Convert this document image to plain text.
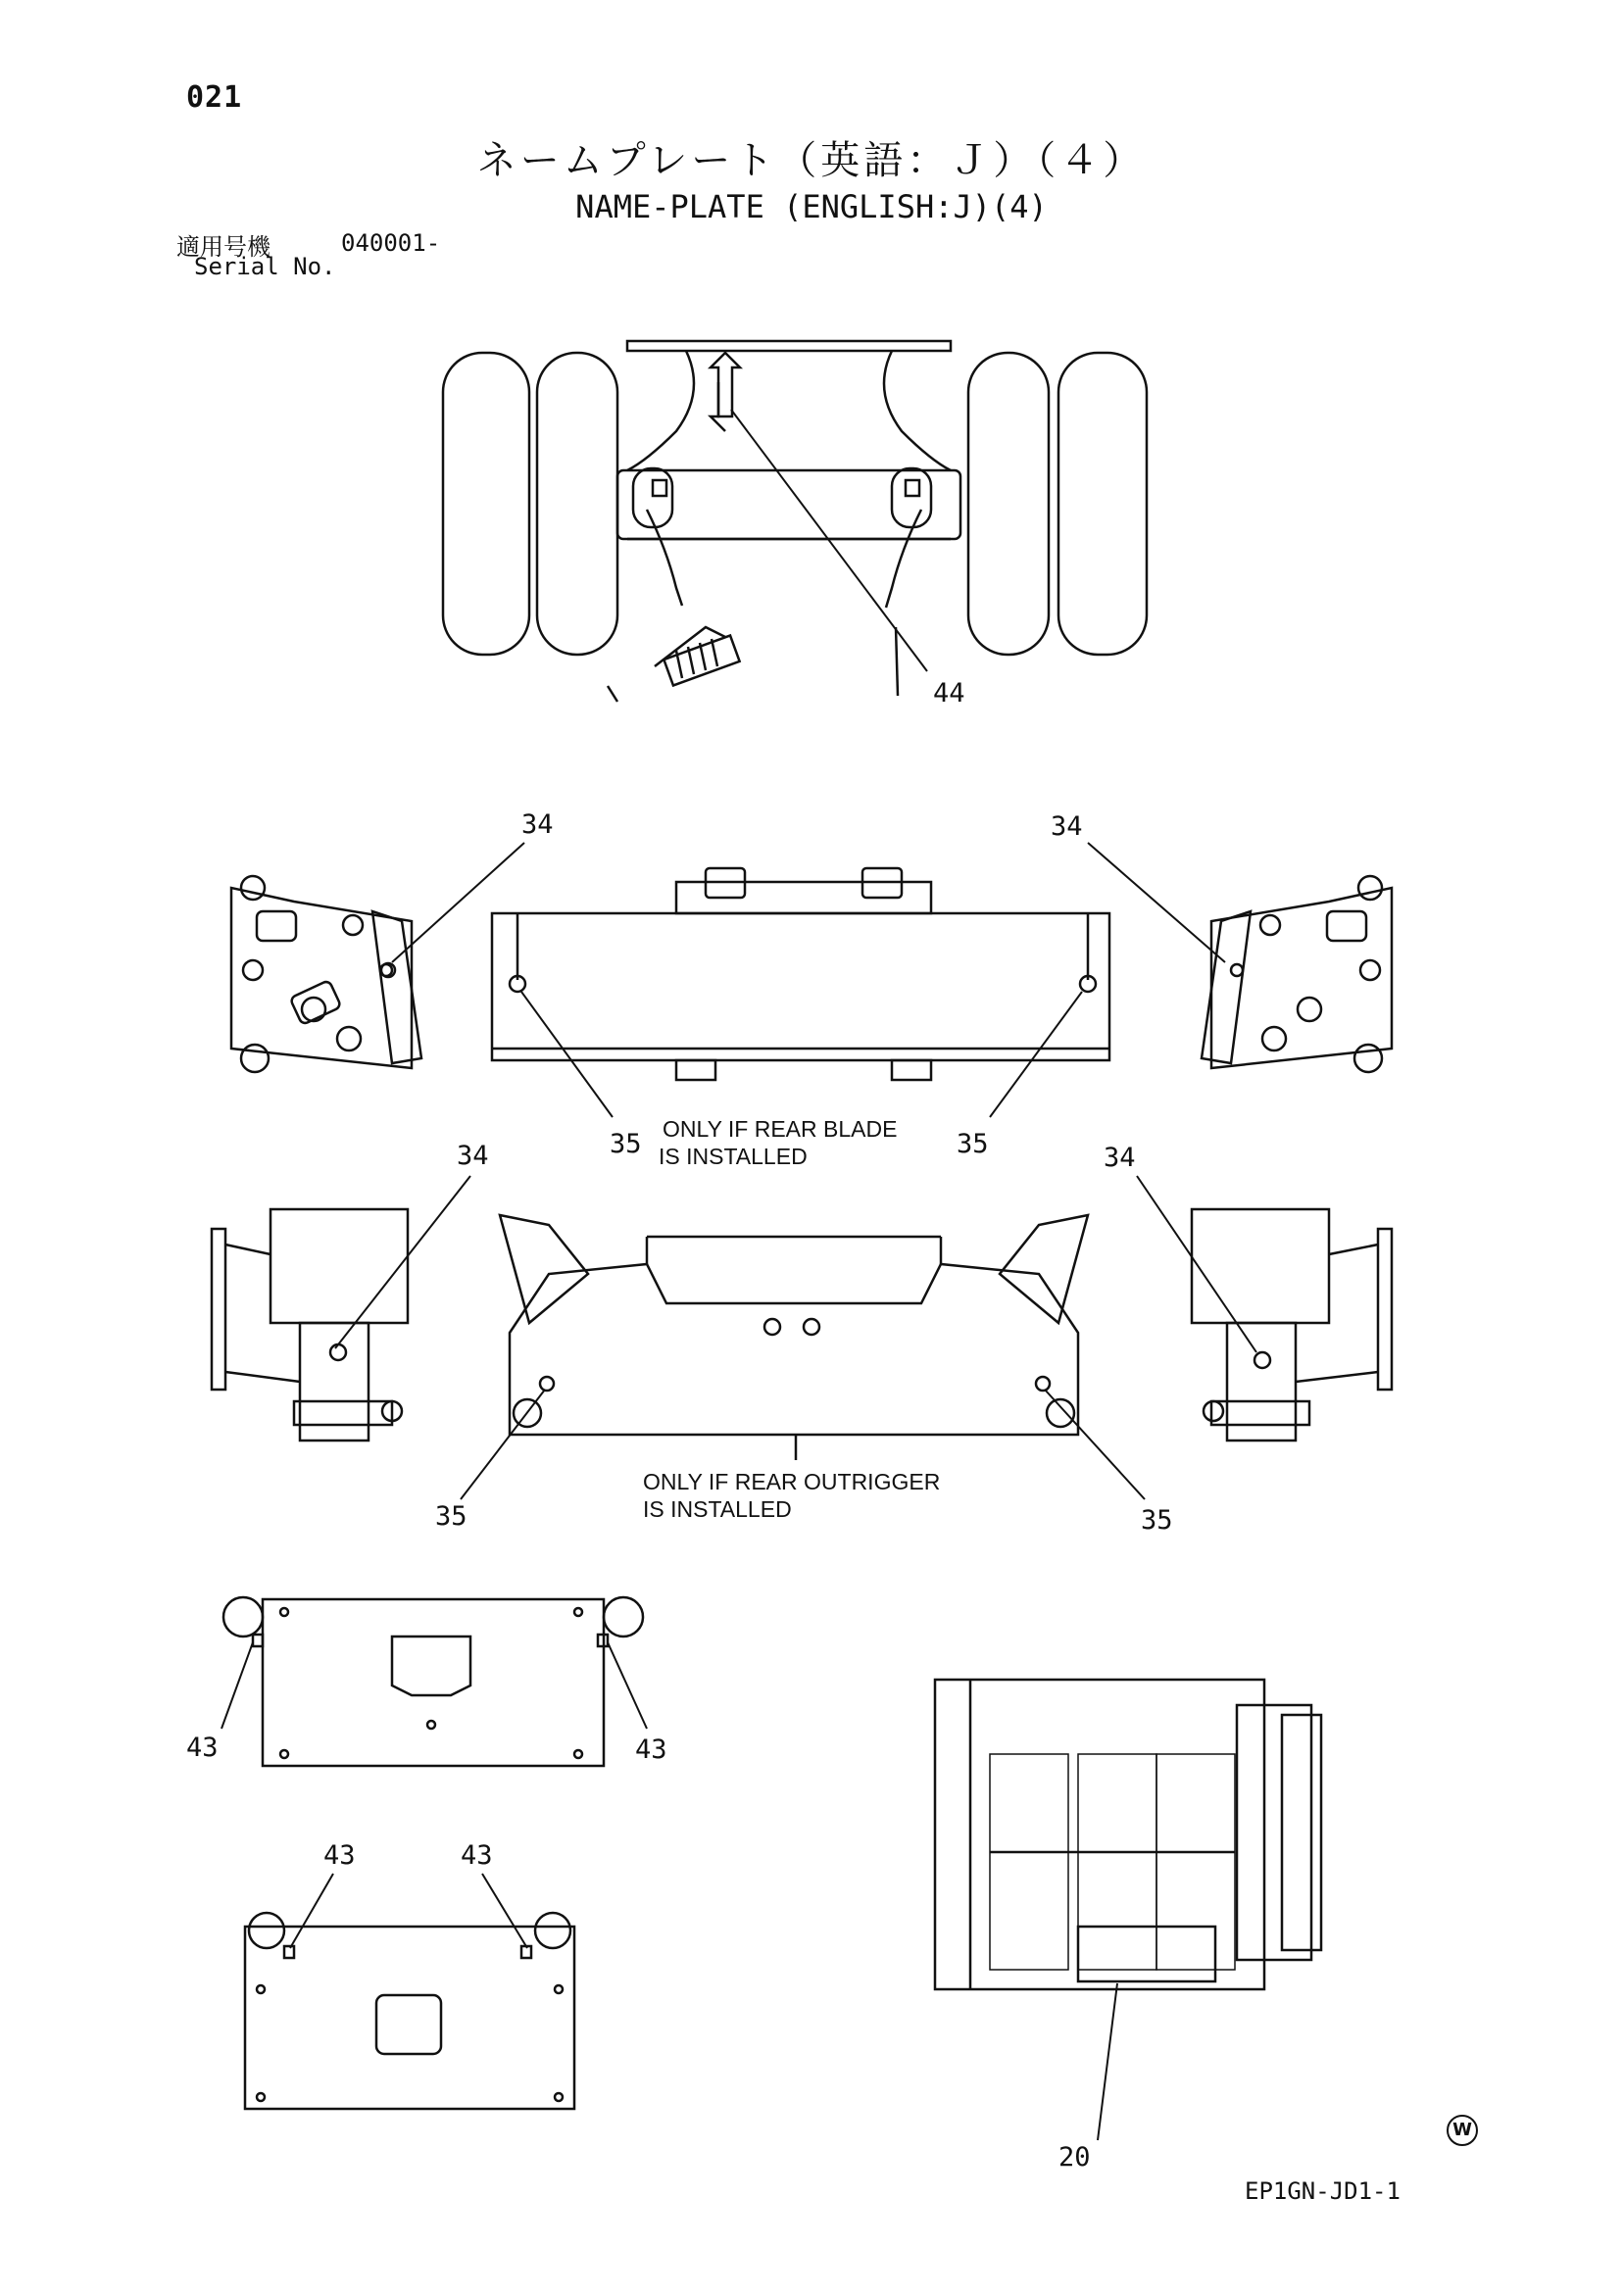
021
ネームプレート（英語：Ｊ）（４）
NAME-PLATE (ENGLISH:J)(4)
適用号機	040001-
Serial No.
44
34	34
35	35
34	34
35	35
43	43
43	43
20
ONLY IF REAR BLADE
IS INSTALLED
ONLY IF REAR OUTRIGGER
IS INSTALLED
W
EP1GN-JD1-1
